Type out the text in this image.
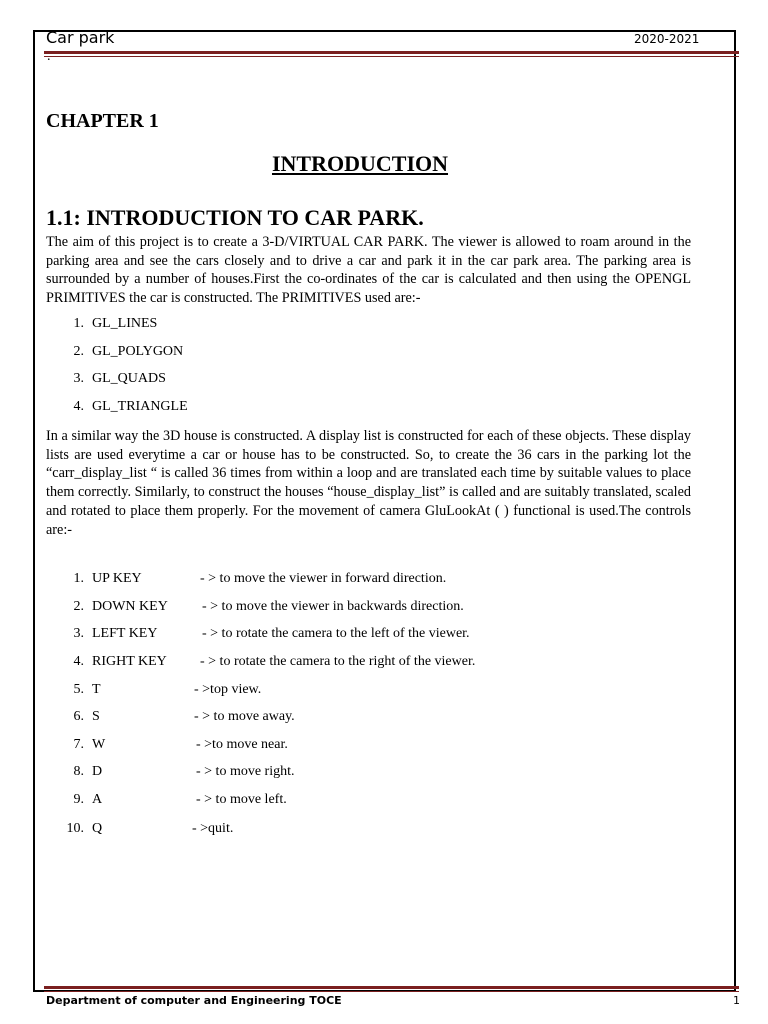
Car park	2020-2021
.
CHAPTER 1
INTRODUCTION
1.1: INTRODUCTION TO CAR PARK.

The aim of this project is to create a 3-D/VIRTUAL CAR PARK. The viewer is allowed to roam around in the parking area and see the cars closely and to drive a car and park it in the car park area. The parking area is surrounded by a number of houses.First the co-ordinates of the car is calculated and then using the OPENGL PRIMITIVES the car is constructed. The PRIMITIVES used are:-

1. GL_LINES
2. GL_POLYGON
3. GL_QUADS
4. GL_TRIANGLE

In a similar way the 3D house is constructed. A display list is constructed for each of these objects. These display lists are used everytime a car or house has to be constructed. So, to create the 36 cars in the parking lot the “carr_display_list “ is called 36 times from within a loop and are translated each time by suitable values to place them correctly. Similarly, to construct the houses “house_display_list” is called and are suitably translated, scaled and rotated to place them properly. For the movement of camera GluLookAt ( ) functional is used.The controls are:-

1. UP KEY	- > to move the viewer in forward direction.
2. DOWN KEY - > to move the viewer in backwards direction.
3. LEFT KEY	- > to rotate the camera to the left of the viewer.
4. RIGHT KEY - > to rotate the camera to the right of the viewer.
5. T	- >top view.
6. S	- > to move away.
7. W	- >to move near.
8. D	- > to move right.
9. A	- > to move left.
10. Q	- >quit.
Department of computer and Engineering TOCE	1
